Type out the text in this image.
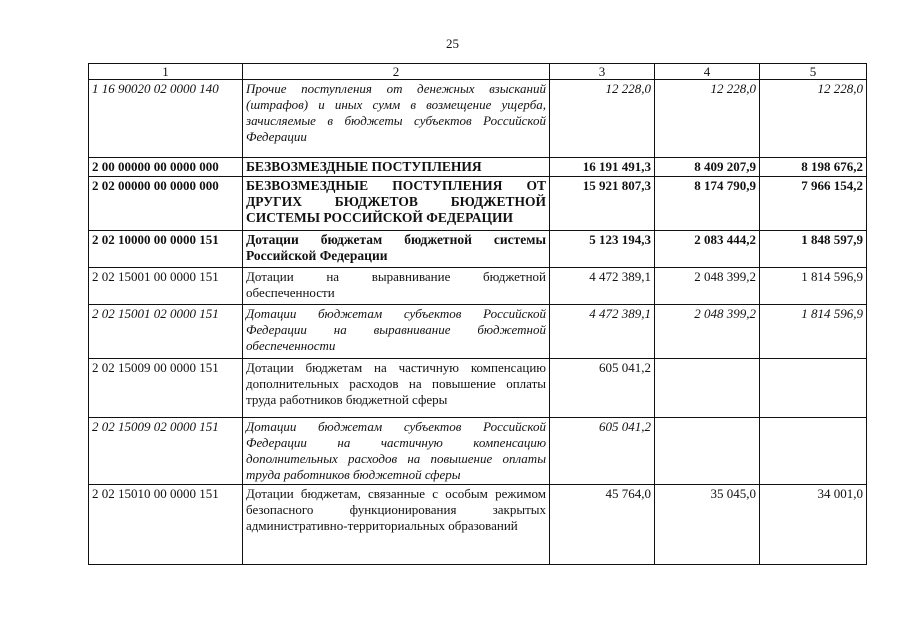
25
1	2	3	4	5
1 16 90020 02 0000 140	Прочие поступления от денежных взысканий (штрафов) и иных сумм в возмещение ущерба, зачисляемые в бюджеты субъектов Российской Федерации	12 228,0	12 228,0	12 228,0
2 00 00000 00 0000 000	БЕЗВОЗМЕЗДНЫЕ ПОСТУПЛЕНИЯ	16 191 491,3	8 409 207,9	8 198 676,2
2 02 00000 00 0000 000	БЕЗВОЗМЕЗДНЫЕ ПОСТУПЛЕНИЯ ОТ ДРУГИХ БЮДЖЕТОВ БЮДЖЕТНОЙ СИСТЕМЫ РОССИЙСКОЙ ФЕДЕРАЦИИ	15 921 807,3	8 174 790,9	7 966 154,2
2 02 10000 00 0000 151	Дотации бюджетам бюджетной системы Российской Федерации	5 123 194,3	2 083 444,2	1 848 597,9
2 02 15001 00 0000 151	Дотации на выравнивание бюджетной обеспеченности	4 472 389,1	2 048 399,2	1 814 596,9
2 02 15001 02 0000 151	Дотации бюджетам субъектов Российской Федерации на выравнивание бюджетной обеспеченности	4 472 389,1	2 048 399,2	1 814 596,9
2 02 15009 00 0000 151	Дотации бюджетам на частичную компенсацию дополнительных расходов на повышение оплаты труда работников бюджетной сферы	605 041,2		
2 02 15009 02 0000 151	Дотации бюджетам субъектов Российской Федерации на частичную компенсацию дополнительных расходов на повышение оплаты труда работников бюджетной сферы	605 041,2		
2 02 15010 00 0000 151	Дотации бюджетам, связанные с особым режимом безопасного функционирования закрытых административно-территориальных образований	45 764,0	35 045,0	34 001,0
